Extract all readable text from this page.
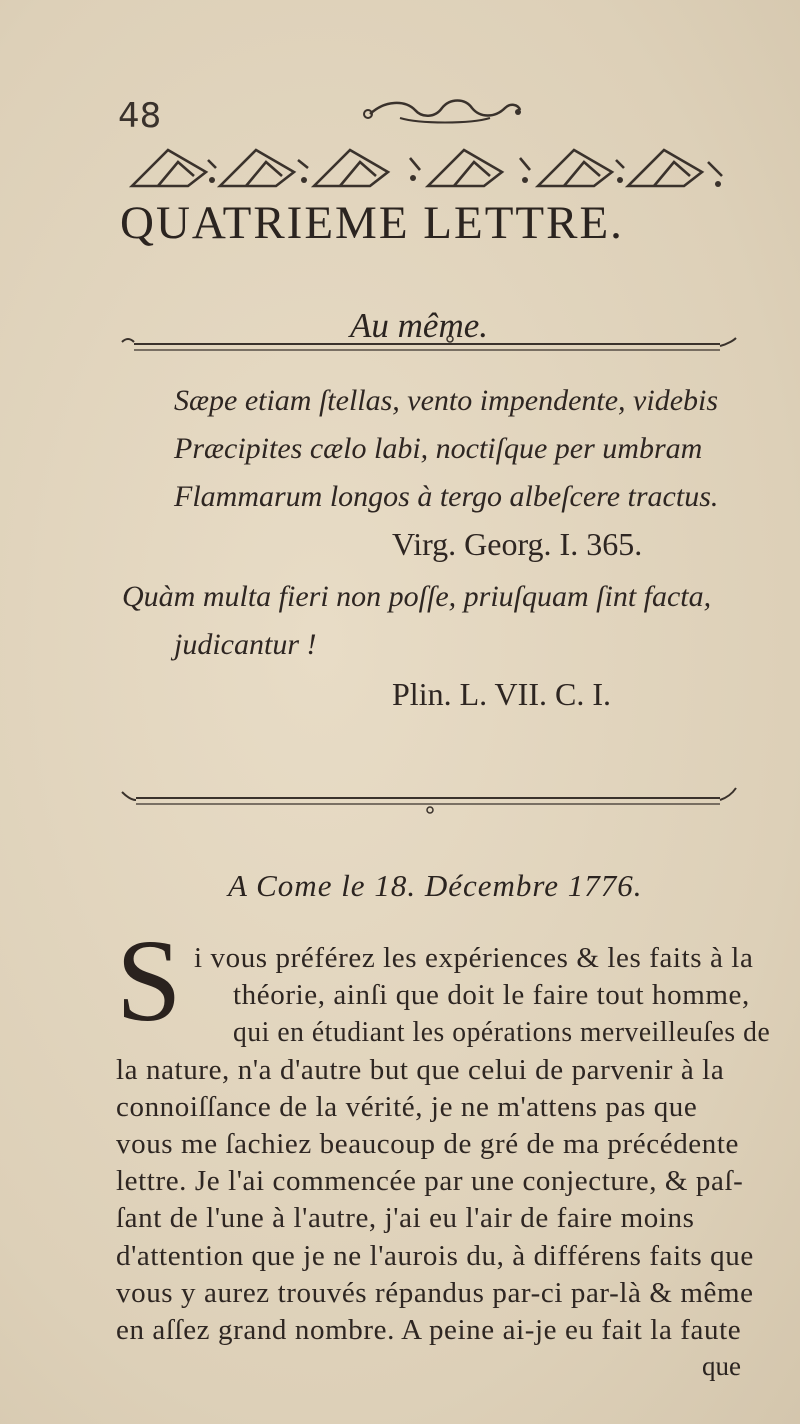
48
QUATRIEME LETTRE.
Au même.
Sæpe etiam ſtellas, vento impendente, videbis
Præcipites cælo labi, noctiſque per umbram
Flammarum longos à tergo albeſcere tractus.
Virg. Georg. I. 365.
Quàm multa fieri non poſſe, priuſquam ſint facta,
judicantur !
Plin. L. VII. C. I.
A Come le 18. Décembre 1776.
S i vous préférez les expériences & les faits à la
théorie, ainſi que doit le faire tout homme,
qui en étudiant les opérations merveilleuſes de
la nature, n'a d'autre but que celui de parvenir à la
connoiſſance de la vérité, je ne m'attens pas que
vous me ſachiez beaucoup de gré de ma précédente
lettre. Je l'ai commencée par une conjecture, & paſ-
ſant de l'une à l'autre, j'ai eu l'air de faire moins
d'attention que je ne l'aurois du, à différens faits que
vous y aurez trouvés répandus par-ci par-là & même
en aſſez grand nombre. A peine ai-je eu fait la faute
que
